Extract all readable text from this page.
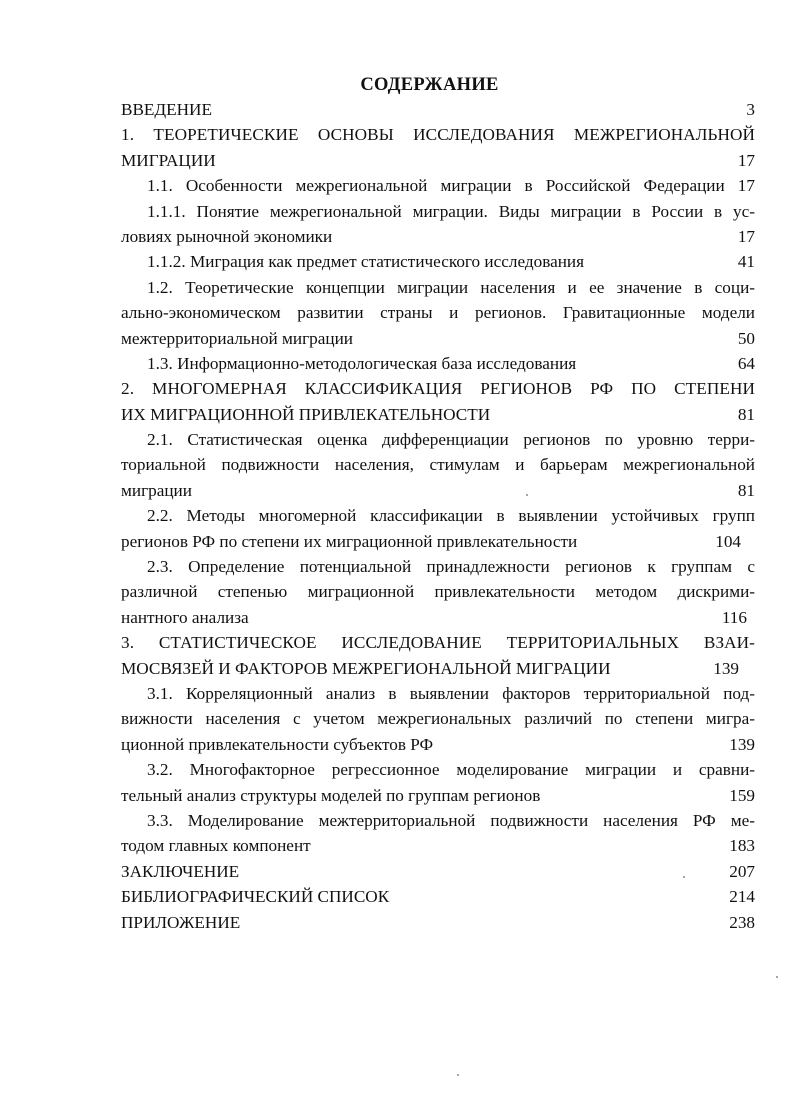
СОДЕРЖАНИЕ
ВВЕДЕНИЕ	3
1. ТЕОРЕТИЧЕСКИЕ ОСНОВЫ ИССЛЕДОВАНИЯ МЕЖРЕГИОНАЛЬНОЙ
МИГРАЦИИ	17
1.1. Особенности межрегиональной миграции в Российской Федерации 17
1.1.1. Понятие межрегиональной миграции. Виды миграции в России в ус-
ловиях рыночной экономики	17
1.1.2. Миграция как предмет статистического исследования	41
1.2. Теоретические концепции миграции населения и ее значение в соци-
ально-экономическом развитии страны и регионов. Гравитационные модели
межтерриториальной миграции	50
1.3. Информационно-методологическая база исследования	64
2. МНОГОМЕРНАЯ КЛАССИФИКАЦИЯ РЕГИОНОВ РФ ПО СТЕПЕНИ
ИХ МИГРАЦИОННОЙ ПРИВЛЕКАТЕЛЬНОСТИ	81
2.1. Статистическая оценка дифференциации регионов по уровню терри-
ториальной подвижности населения, стимулам и барьерам межрегиональной
миграции	81
2.2. Методы многомерной классификации в выявлении устойчивых групп
регионов РФ по степени их миграционной привлекательности	104
2.3. Определение потенциальной принадлежности регионов к группам с
различной степенью миграционной привлекательности методом дискрими-
нантного анализа	116
3. СТАТИСТИЧЕСКОЕ ИССЛЕДОВАНИЕ ТЕРРИТОРИАЛЬНЫХ ВЗАИ-
МОСВЯЗЕЙ И ФАКТОРОВ МЕЖРЕГИОНАЛЬНОЙ МИГРАЦИИ	139
3.1. Корреляционный анализ в выявлении факторов территориальной под-
вижности населения с учетом межрегиональных различий по степени мигра-
ционной привлекательности субъектов РФ	139
3.2. Многофакторное регрессионное моделирование миграции и сравни-
тельный анализ структуры моделей по группам регионов	159
3.3. Моделирование межтерриториальной подвижности населения РФ ме-
тодом главных компонент	183
ЗАКЛЮЧЕНИЕ	207
БИБЛИОГРАФИЧЕСКИЙ СПИСОК	214
ПРИЛОЖЕНИЕ	238
